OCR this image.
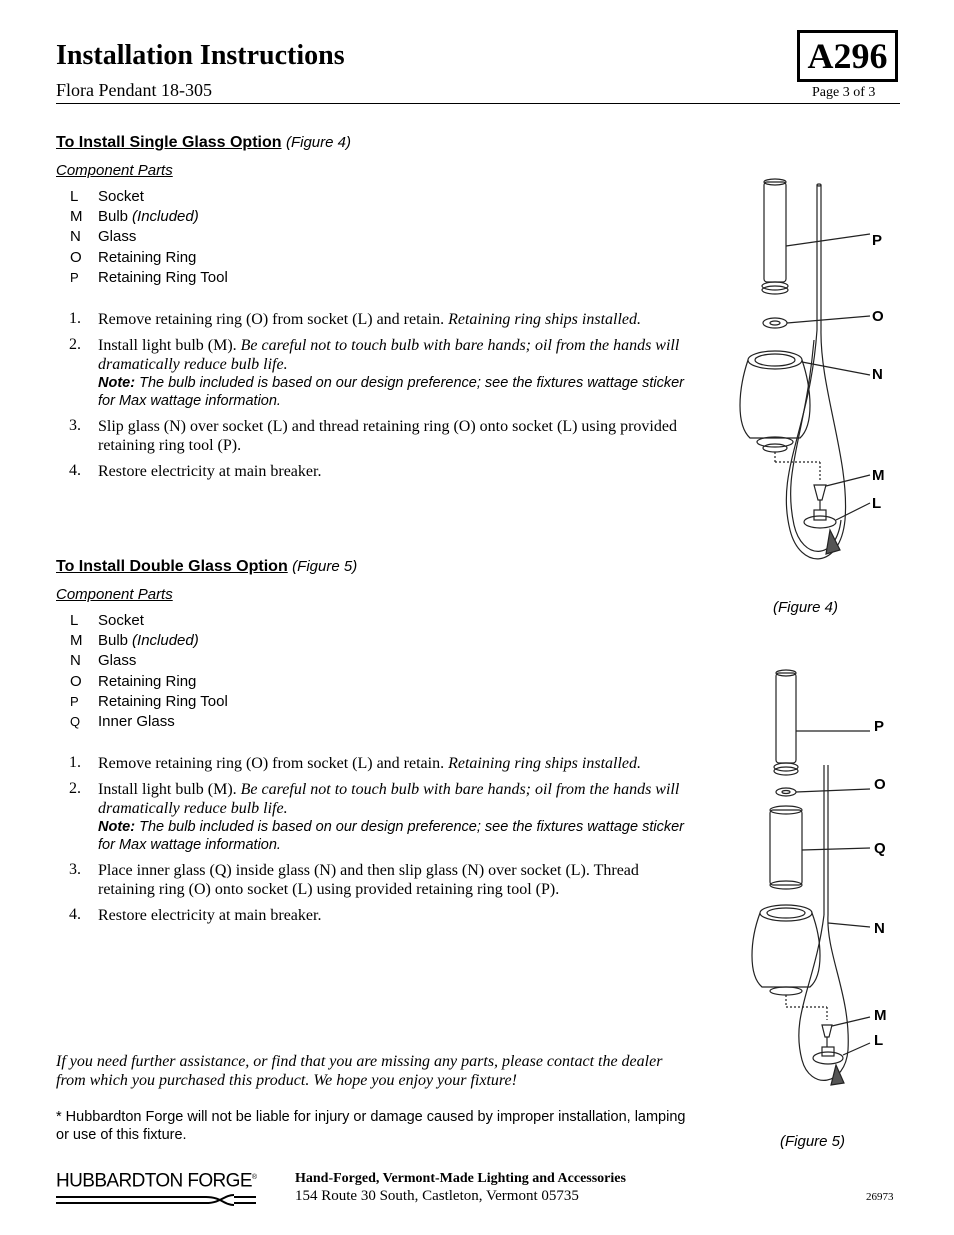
Installation Instructions
Flora Pendant 18-305
A296
Page 3 of 3
To Install Single Glass Option (Figure 4)
Component Parts
L	Socket
M	Bulb (Included)
N	Glass
O	Retaining Ring
P	Retaining Ring Tool
1.	Remove retaining ring (O) from socket (L) and retain. Retaining ring ships installed.
2.	Install light bulb (M). Be careful not to touch bulb with bare hands; oil from the hands will dramatically reduce bulb life.
Note: The bulb included is based on our design preference; see the fixtures wattage sticker for Max wattage information.
3.	Slip glass (N) over socket (L) and thread retaining ring (O) onto socket (L) using provided retaining ring tool (P).
4.	Restore electricity at main breaker.
To Install Double Glass Option (Figure 5)
Component Parts
L	Socket
M	Bulb (Included)
N	Glass
O	Retaining Ring
P	Retaining Ring Tool
Q	Inner Glass
1.	Remove retaining ring (O) from socket (L) and retain. Retaining ring ships installed.
2.	Install light bulb (M). Be careful not to touch bulb with bare hands; oil from the hands will dramatically reduce bulb life.
Note: The bulb included is based on our design preference; see the fixtures wattage sticker for Max wattage information.
3.	Place inner glass (Q) inside glass (N) and then slip glass (N) over socket (L). Thread retaining ring (O) onto socket (L) using provided retaining ring tool (P).
4.	Restore electricity at main breaker.
P
O
N
M
L
(Figure 4)
P
O
Q
N
M
L
(Figure 5)
If you need further assistance, or find that you are missing any parts, please contact the dealer from which you purchased this product. We hope you enjoy your fixture!
* Hubbardton Forge will not be liable for injury or damage caused by improper installation, lamping or use of this fixture.
HUBBARDTON FORGE®	Hand-Forged, Vermont-Made Lighting and Accessories
154 Route 30 South, Castleton, Vermont 05735	26973
